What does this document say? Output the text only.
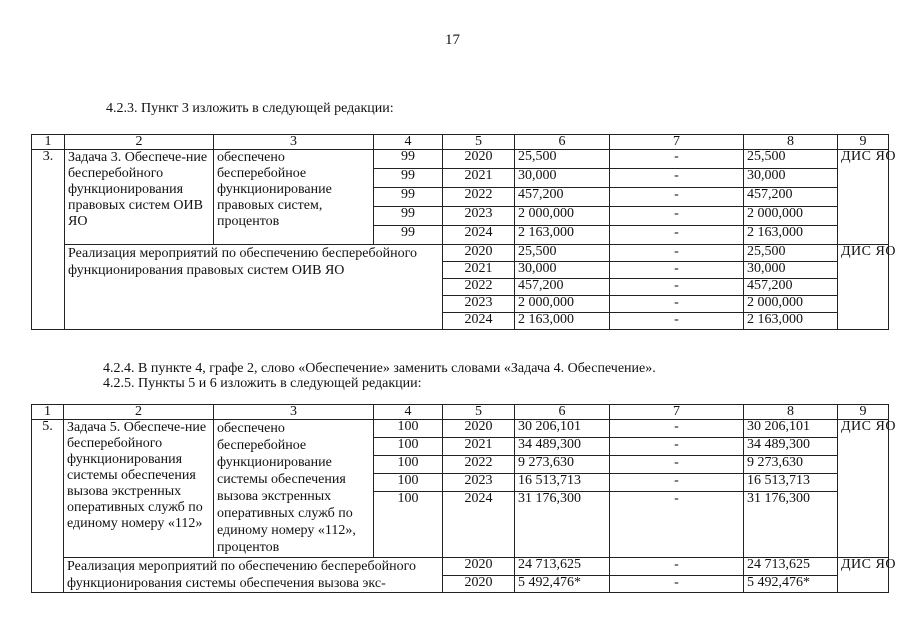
17
4.2.3. Пункт 3 изложить в следующей редакции:
1	2	3	4	5	6	7	8	9
3.	Задача 3. Обеспече-ние бесперебойного функционирования правовых систем ОИВ ЯО	обеспечено бесперебойное функционирование правовых систем, процентов	99	2020	25,500	-	25,500	ДИС ЯО
			99	2021	30,000	-	30,000	
			99	2022	457,200	-	457,200	
			99	2023	2 000,000	-	2 000,000	
			99	2024	2 163,000	-	2 163,000	
	Реализация мероприятий по обеспечению бесперебойного функционирования правовых систем ОИВ ЯО			2020	25,500	-	25,500	ДИС ЯО
				2021	30,000	-	30,000	
				2022	457,200	-	457,200	
				2023	2 000,000	-	2 000,000	
				2024	2 163,000	-	2 163,000	
4.2.4. В пункте 4, графе 2, слово «Обеспечение» заменить словами «Задача 4. Обеспечение».
4.2.5. Пункты 5 и 6 изложить в следующей редакции:
1	2	3	4	5	6	7	8	9
5.	Задача 5. Обеспече-ние бесперебойного функционирования системы обеспечения вызова экстренных оперативных служб по единому номеру «112»	обеспечено бесперебойное функционирование системы обеспечения вызова экстренных оперативных служб по единому номеру «112», процентов	100	2020	30 206,101	-	30 206,101	ДИС ЯО
			100	2021	34 489,300	-	34 489,300	
			100	2022	9 273,630	-	9 273,630	
			100	2023	16 513,713	-	16 513,713	
			100	2024	31 176,300	-	31 176,300	
	Реализация мероприятий по обеспечению бесперебойного функционирования системы обеспечения вызова экс-			2020	24 713,625	-	24 713,625	ДИС ЯО
				2020	5 492,476*	-	5 492,476*	
